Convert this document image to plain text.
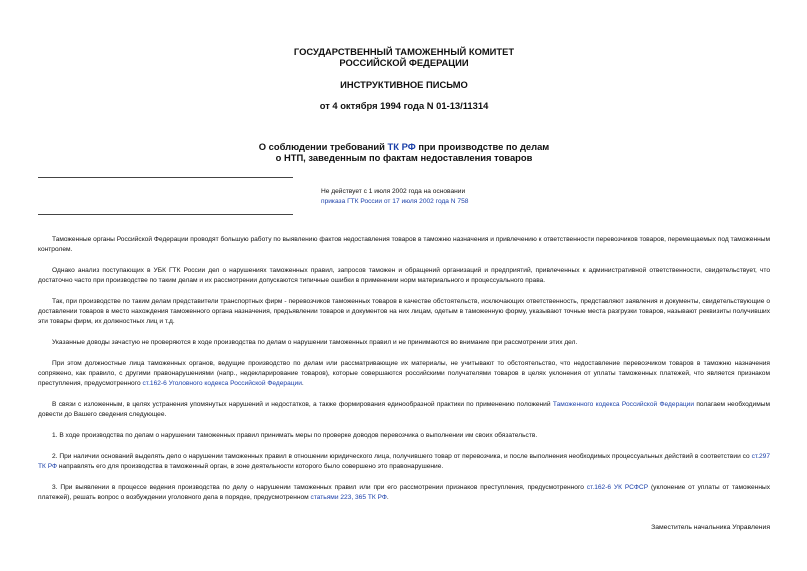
ГОСУДАРСТВЕННЫЙ ТАМОЖЕННЫЙ КОМИТЕТ
РОССИЙСКОЙ ФЕДЕРАЦИИ
ИНСТРУКТИВНОЕ ПИСЬМО
от 4 октября 1994 года N 01-13/11314
О соблюдении требований ТК РФ при производстве по делам
о НТП, заведенным по фактам недоставления товаров
Не действует с 1 июля 2002 года на основании
приказа ГТК России от 17 июля 2002 года N 758
Таможенные органы Российской Федерации проводят большую работу по выявлению фактов недоставления товаров в таможню назначения и привлечению к ответственности перевозчиков товаров, перемещаемых под таможенным контролем.
Однако анализ поступающих в УБК ГТК России дел о нарушениях таможенных правил, запросов таможен и обращений организаций и предприятий, привлеченных к административной ответственности, свидетельствует, что достаточно часто при производстве по таким делам и их рассмотрении допускаются типичные ошибки в применении норм материального и процессуального права.
Так, при производстве по таким делам представители транспортных фирм - перевозчиков таможенных товаров в качестве обстоятельств, исключающих ответственность, представляют заявления и документы, свидетельствующие о доставлении товаров в место нахождения таможенного органа назначения, предъявлении товаров и документов на них лицам, одетым в таможенную форму, указывают точные места разгрузки товаров, называют реквизиты получивших эти товары фирм, их должностных лиц и т.д.
Указанные доводы зачастую не проверяются в ходе производства по делам о нарушении таможенных правил и не принимаются во внимание при рассмотрении этих дел.
При этом должностные лица таможенных органов, ведущие производство по делам или рассматривающие их материалы, не учитывают то обстоятельство, что недоставление перевозчиком товаров в таможню назначения сопряжено, как правило, с другими правонарушениями (напр., недекларирование товаров), которые совершаются российскими получателями товаров в целях уклонения от уплаты таможенных платежей, что является признаком преступления, предусмотренного ст.162-6 Уголовного кодекса Российской Федерации.
В связи с изложенным, в целях устранения упомянутых нарушений и недостатков, а также формирования единообразной практики по применению положений Таможенного кодекса Российской Федерации полагаем необходимым довести до Вашего сведения следующее.
1. В ходе производства по делам о нарушении таможенных правил принимать меры по проверке доводов перевозчика о выполнении им своих обязательств.
2. При наличии оснований выделять дело о нарушении таможенных правил в отношении юридического лица, получившего товар от перевозчика, и после выполнения необходимых процессуальных действий в соответствии со ст.297 ТК РФ направлять его для производства в таможенный орган, в зоне деятельности которого было совершено это правонарушение.
3. При выявлении в процессе ведения производства по делу о нарушении таможенных правил или при его рассмотрении признаков преступления, предусмотренного ст.162-6 УК РСФСР (уклонение от уплаты от таможенных платежей), решать вопрос о возбуждении уголовного дела в порядке, предусмотренном статьями 223, 365 ТК РФ.
Заместитель начальника Управления
